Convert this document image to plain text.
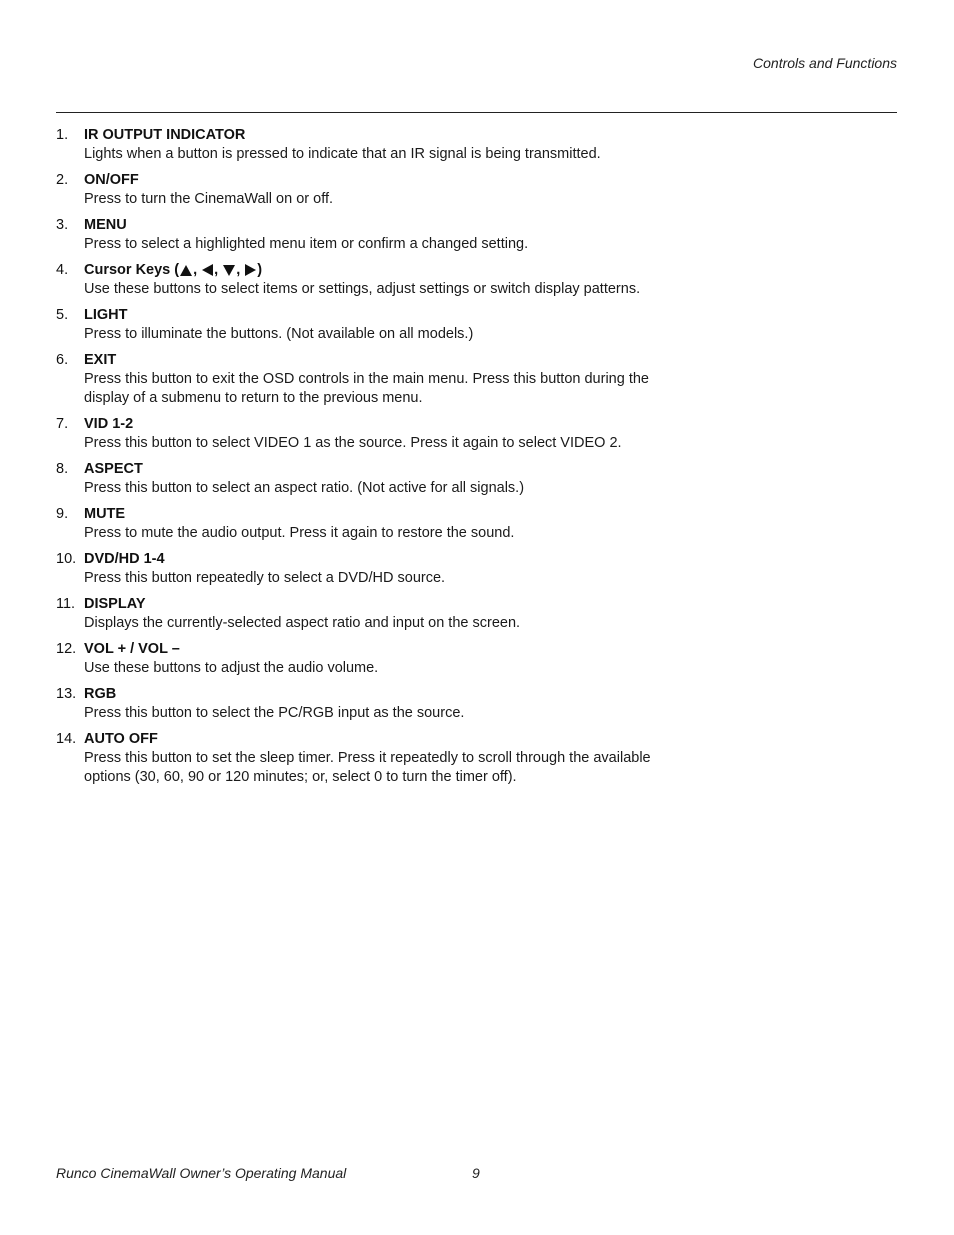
Controls and Functions
1.	IR OUTPUT INDICATOR
Lights when a button is pressed to indicate that an IR signal is being transmitted.
2.	ON/OFF
Press to turn the CinemaWall on or off.
3.	MENU
Press to select a highlighted menu item or confirm a changed setting.
4.	Cursor Keys ( , , , )
Use these buttons to select items or settings, adjust settings or switch display patterns.
5.	LIGHT
Press to illuminate the buttons. (Not available on all models.)
6.	EXIT
Press this button to exit the OSD controls in the main menu. Press this button during the display of a submenu to return to the previous menu.
7.	VID 1-2
Press this button to select VIDEO 1 as the source. Press it again to select VIDEO 2.
8.	ASPECT
Press this button to select an aspect ratio. (Not active for all signals.)
9.	MUTE
Press to mute the audio output. Press it again to restore the sound.
10. DVD/HD 1-4
Press this button repeatedly to select a DVD/HD source.
11. DISPLAY
Displays the currently-selected aspect ratio and input on the screen.
12. VOL + / VOL –
Use these buttons to adjust the audio volume.
13. RGB
Press this button to select the PC/RGB input as the source.
14. AUTO OFF
Press this button to set the sleep timer. Press it repeatedly to scroll through the available options (30, 60, 90 or 120 minutes; or, select 0 to turn the timer off).
Runco CinemaWall Owner’s Operating Manual	9
